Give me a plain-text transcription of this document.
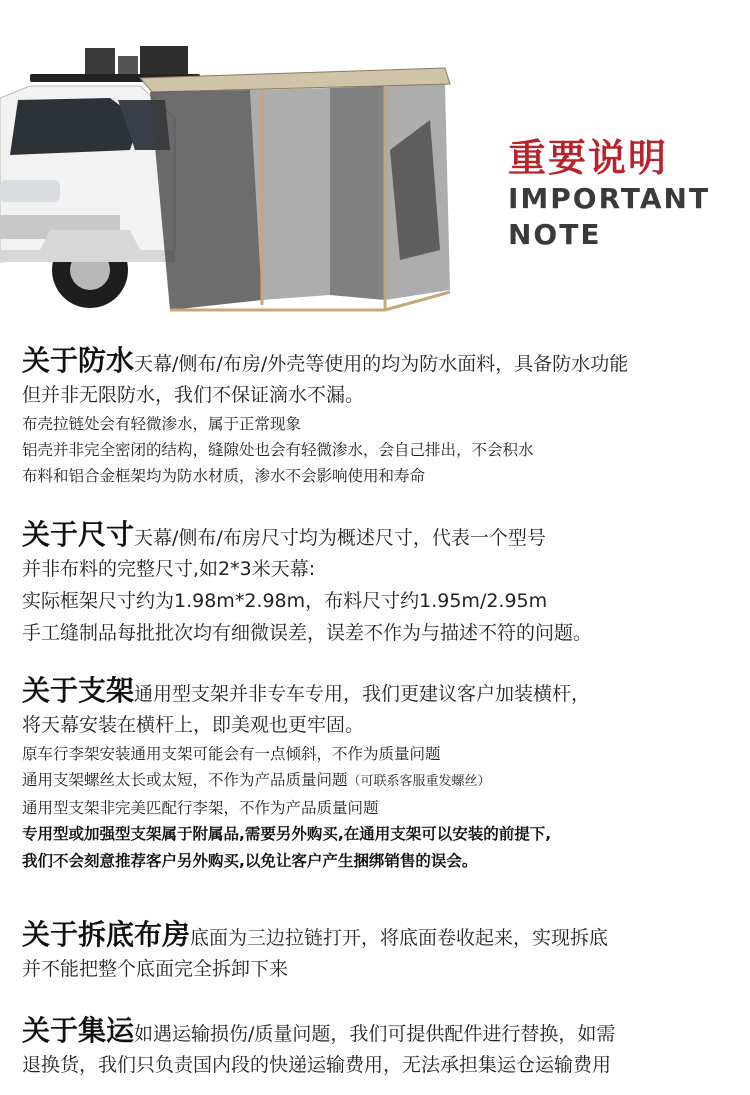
重要说明
IMPORTANT
NOTE
关于防水天幕/侧布/布房/外壳等使用的均为防水面料，具备防水功能
但并非无限防水，我们不保证滴水不漏。
布壳拉链处会有轻微渗水，属于正常现象
铝壳并非完全密闭的结构，缝隙处也会有轻微渗水，会自己排出，不会积水
布料和铝合金框架均为防水材质，渗水不会影响使用和寿命
关于尺寸天幕/侧布/布房尺寸均为概述尺寸，代表一个型号
并非布料的完整尺寸,如2*3米天幕:
实际框架尺寸约为1.98m*2.98m，布料尺寸约1.95m/2.95m
手工缝制品每批批次均有细微误差，误差不作为与描述不符的问题。
关于支架通用型支架并非专车专用，我们更建议客户加装横杆，
将天幕安装在横杆上，即美观也更牢固。
原车行李架安装通用支架可能会有一点倾斜，不作为质量问题
通用支架螺丝太长或太短，不作为产品质量问题（可联系客服重发螺丝）
通用型支架非完美匹配行李架，不作为产品质量问题
专用型或加强型支架属于附属品,需要另外购买,在通用支架可以安装的前提下,
我们不会刻意推荐客户另外购买,以免让客户产生捆绑销售的误会。
关于拆底布房底面为三边拉链打开，将底面卷收起来，实现拆底
并不能把整个底面完全拆卸下来
关于集运如遇运输损伤/质量问题，我们可提供配件进行替换，如需
退换货，我们只负责国内段的快递运输费用，无法承担集运仓运输费用
